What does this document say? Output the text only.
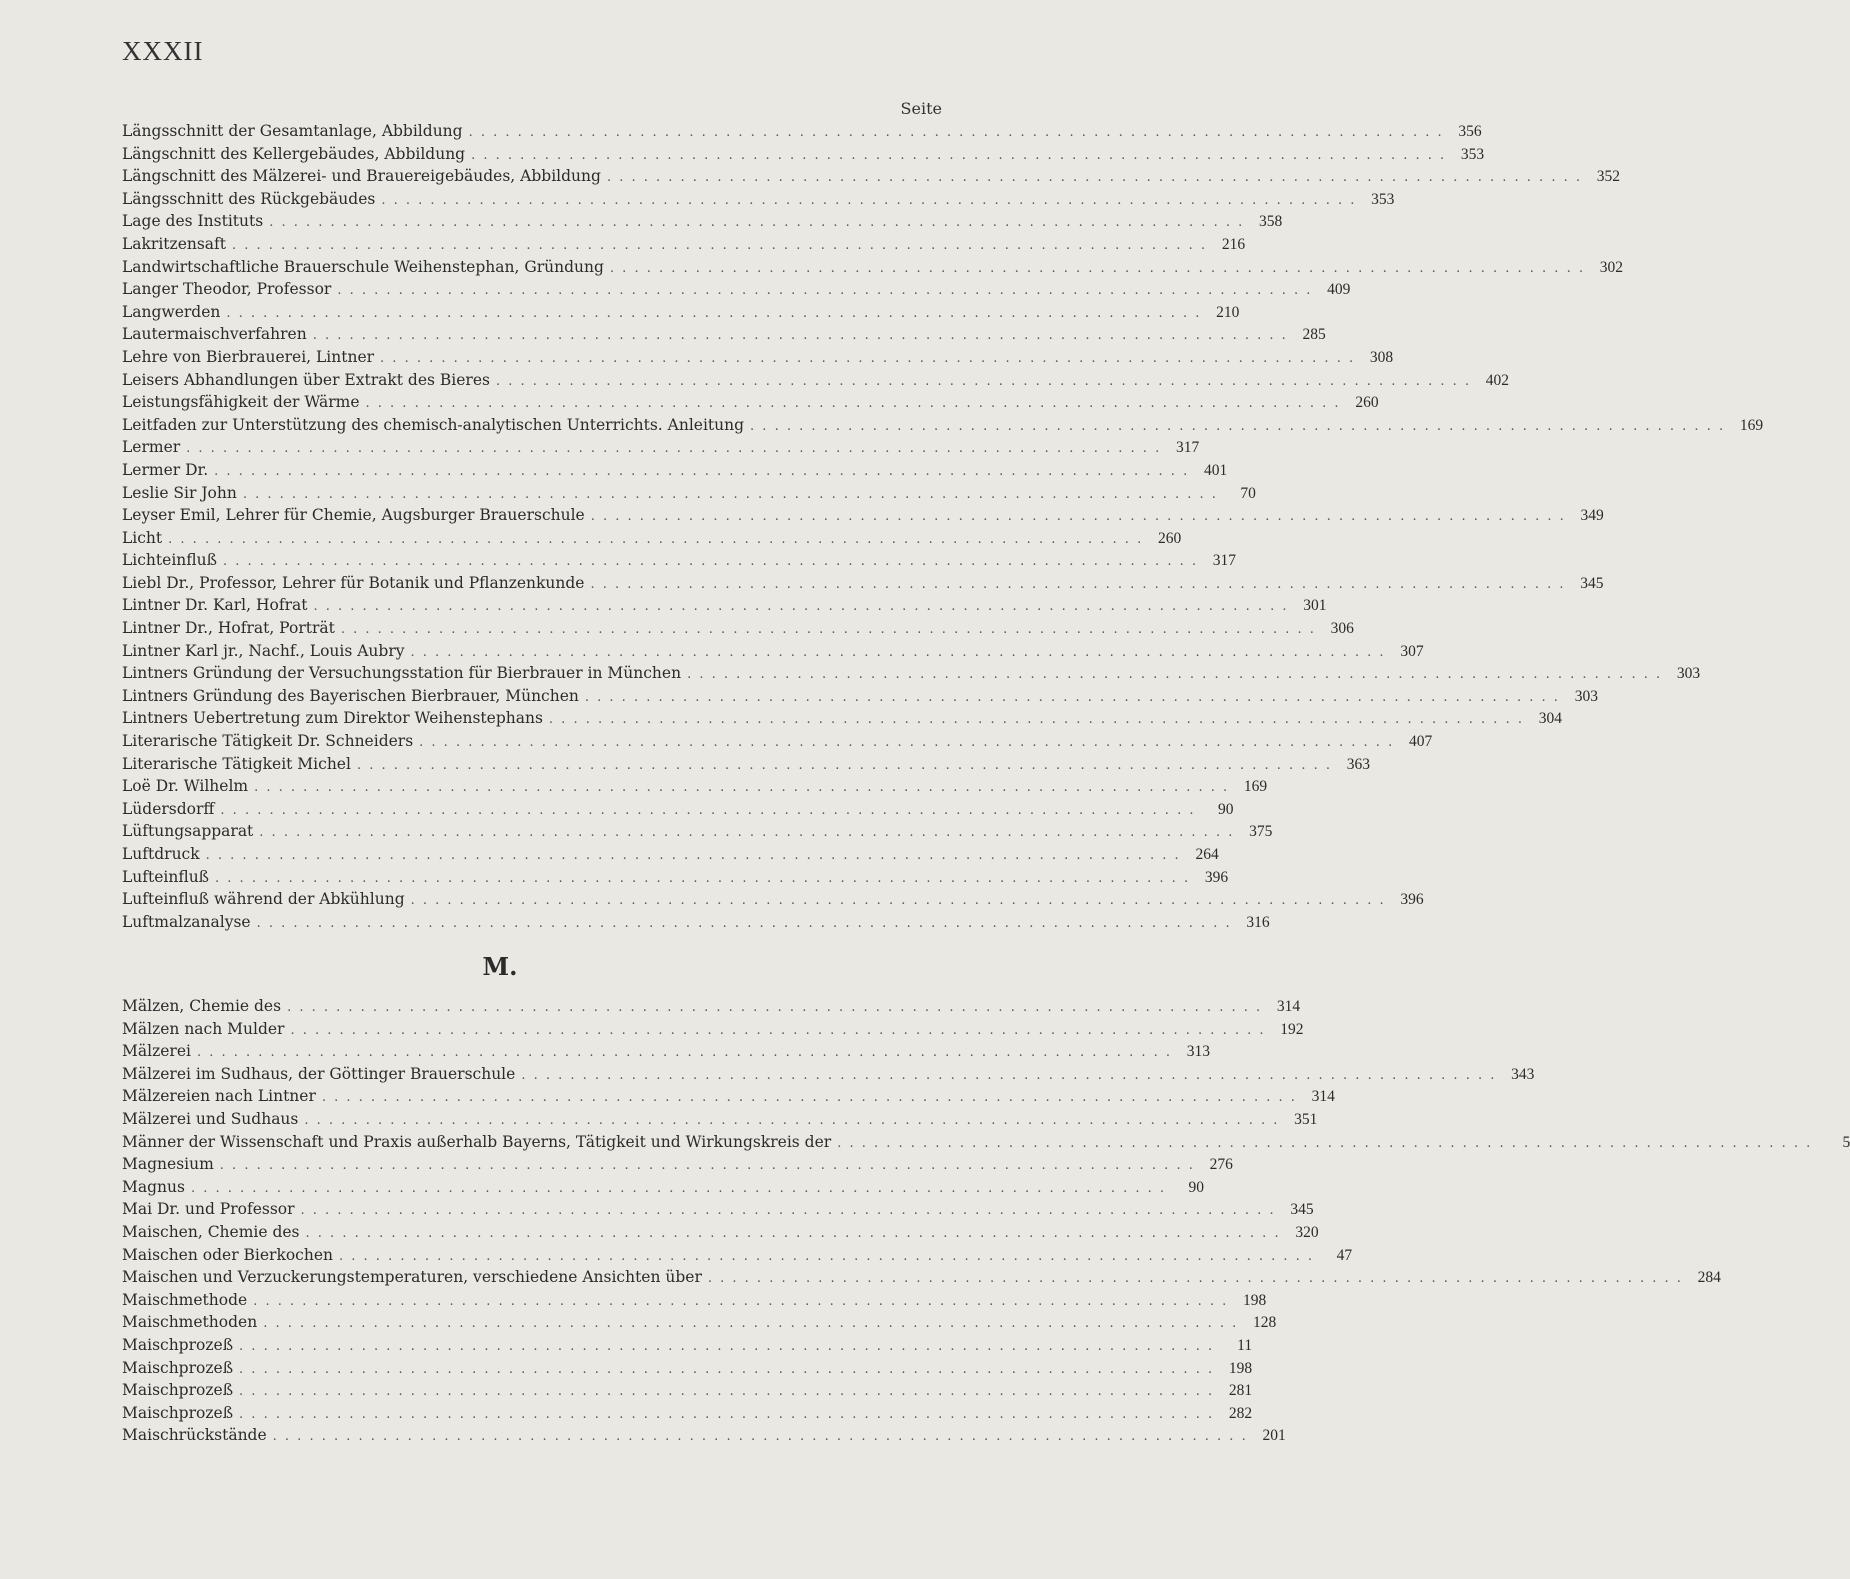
XXXII
Seite
Längsschnitt der Gesamtanlage, Abbildung . . .	356
Längschnitt des Kellergebäudes, Abbildung . . .	353
Längschnitt des Mälzerei- und Brauereigebäudes, Abbildung . . .	352
Längsschnitt des Rückgebäudes . . .	353
Lage des Instituts . . .	358
Lakritzensaft . . .	216
Landwirtschaftliche Brauerschule Weihenstephan, Gründung . . .	302
Langer Theodor, Professor . . .	409
Langwerden . . .	210
Lautermaischverfahren . . .	285
Lehre von Bierbrauerei, Lintner . . .	308
Leisers Abhandlungen über Extrakt des Bieres . . .	402
Leistungsfähigkeit der Wärme . . .	260
Leitfaden zur Unterstützung des chemisch-analytischen Unterrichts. Anleitung . . .	169
Lermer . . .	317
Lermer Dr. . . .	401
Leslie Sir John . . .	70
Leyser Emil, Lehrer für Chemie, Augsburger Brauerschule . . .	349
Licht . . .	260
Lichteinfluß . . .	317
Liebl Dr., Professor, Lehrer für Botanik und Pflanzenkunde . . .	345
Lintner Dr. Karl, Hofrat . . .	301
Lintner Dr., Hofrat, Porträt . . .	306
Lintner Karl jr., Nachf., Louis Aubry . . .	307
Lintners Gründung der Versuchungsstation für Bierbrauer in München . . .	303
Lintners Gründung des Bayerischen Bierbrauer, München . . .	303
Lintners Uebertretung zum Direktor Weihenstephans . . .	304
Literarische Tätigkeit Dr. Schneiders . . .	407
Literarische Tätigkeit Michel . . .	363
Loë Dr. Wilhelm . . .	169
Lüdersdorff . . .	90
Lüftungsapparat . . .	375
Luftdruck . . .	264
Lufteinfluß . . .	396
Lufteinfluß während der Abkühlung . . .	396
Luftmalzanalyse . . .	316
M.
Mälzen, Chemie des . . .	314
Mälzen nach Mulder . . .	192
Mälzerei . . .	313
Mälzerei im Sudhaus, der Göttinger Brauerschule . . .	343
Mälzereien nach Lintner . . .	314
Mälzerei und Sudhaus . . .	351
Männer der Wissenschaft und Praxis außerhalb Bayerns, Tätigkeit und Wirkungskreis der . . .	5
Magnesium . . .	276
Magnus . . .	90
Mai Dr. und Professor . . .	345
Maischen, Chemie des . . .	320
Maischen oder Bierkochen . . .	47
Maischen und Verzuckerungstemperaturen, verschiedene Ansichten über . . .	284
Maischmethode . . .	198
Maischmethoden . . .	128
Maischprozeß . . .	11
Maischprozeß . . .	198
Maischprozeß . . .	281
Maischprozeß . . .	282
Maischrückstände . . .	201
